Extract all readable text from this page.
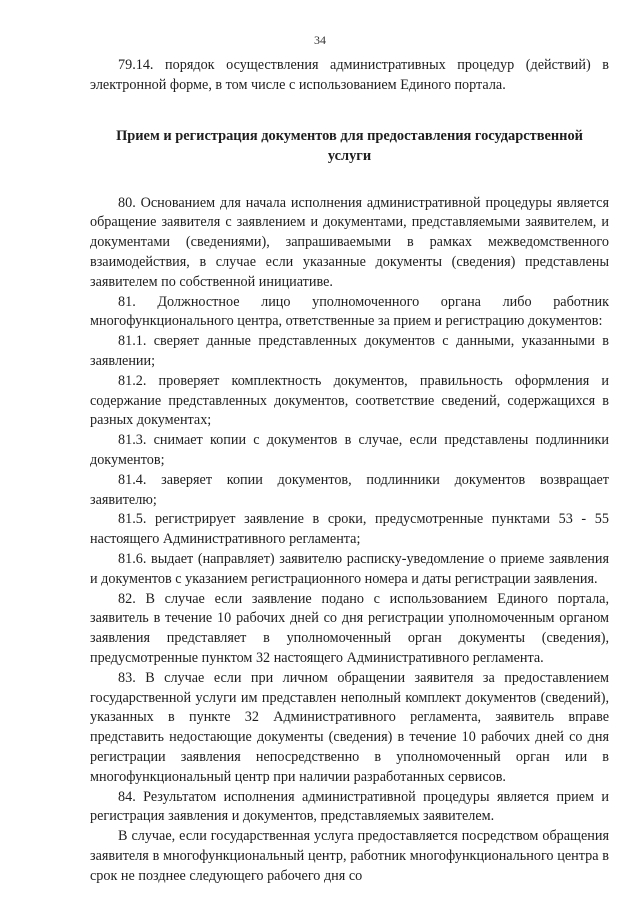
34

79.14. порядок осуществления административных процедур (действий) в электронной форме, в том числе с использованием Единого портала.

Прием и регистрация документов для предоставления государственной услуги

80. Основанием для начала исполнения административной процедуры является обращение заявителя с заявлением и документами, представляемыми заявителем, и документами (сведениями), запрашиваемыми в рамках межведомственного взаимодействия, в случае если указанные документы (сведения) представлены заявителем по собственной инициативе.

81. Должностное лицо уполномоченного органа либо работник многофункционального центра, ответственные за прием и регистрацию документов:

81.1. сверяет данные представленных документов с данными, указанными в заявлении;

81.2. проверяет комплектность документов, правильность оформления и содержание представленных документов, соответствие сведений, содержащихся в разных документах;

81.3. снимает копии с документов в случае, если представлены подлинники документов;

81.4. заверяет копии документов, подлинники документов возвращает заявителю;

81.5. регистрирует заявление в сроки, предусмотренные пунктами 53 - 55 настоящего Административного регламента;

81.6. выдает (направляет) заявителю расписку-уведомление о приеме заявления и документов с указанием регистрационного номера и даты регистрации заявления.

82. В случае если заявление подано с использованием Единого портала, заявитель в течение 10 рабочих дней со дня регистрации уполномоченным органом заявления представляет в уполномоченный орган документы (сведения), предусмотренные пунктом 32 настоящего Административного регламента.

83. В случае если при личном обращении заявителя за предоставлением государственной услуги им представлен неполный комплект документов (сведений), указанных в пункте 32 Административного регламента, заявитель вправе представить недостающие документы (сведения) в течение 10 рабочих дней со дня регистрации заявления непосредственно в уполномоченный орган или в многофункциональный центр при наличии разработанных сервисов.

84. Результатом исполнения административной процедуры является прием и регистрация заявления и документов, представляемых заявителем.

В случае, если государственная услуга предоставляется посредством обращения заявителя в многофункциональный центр, работник многофункционального центра в срок не позднее следующего рабочего дня со
